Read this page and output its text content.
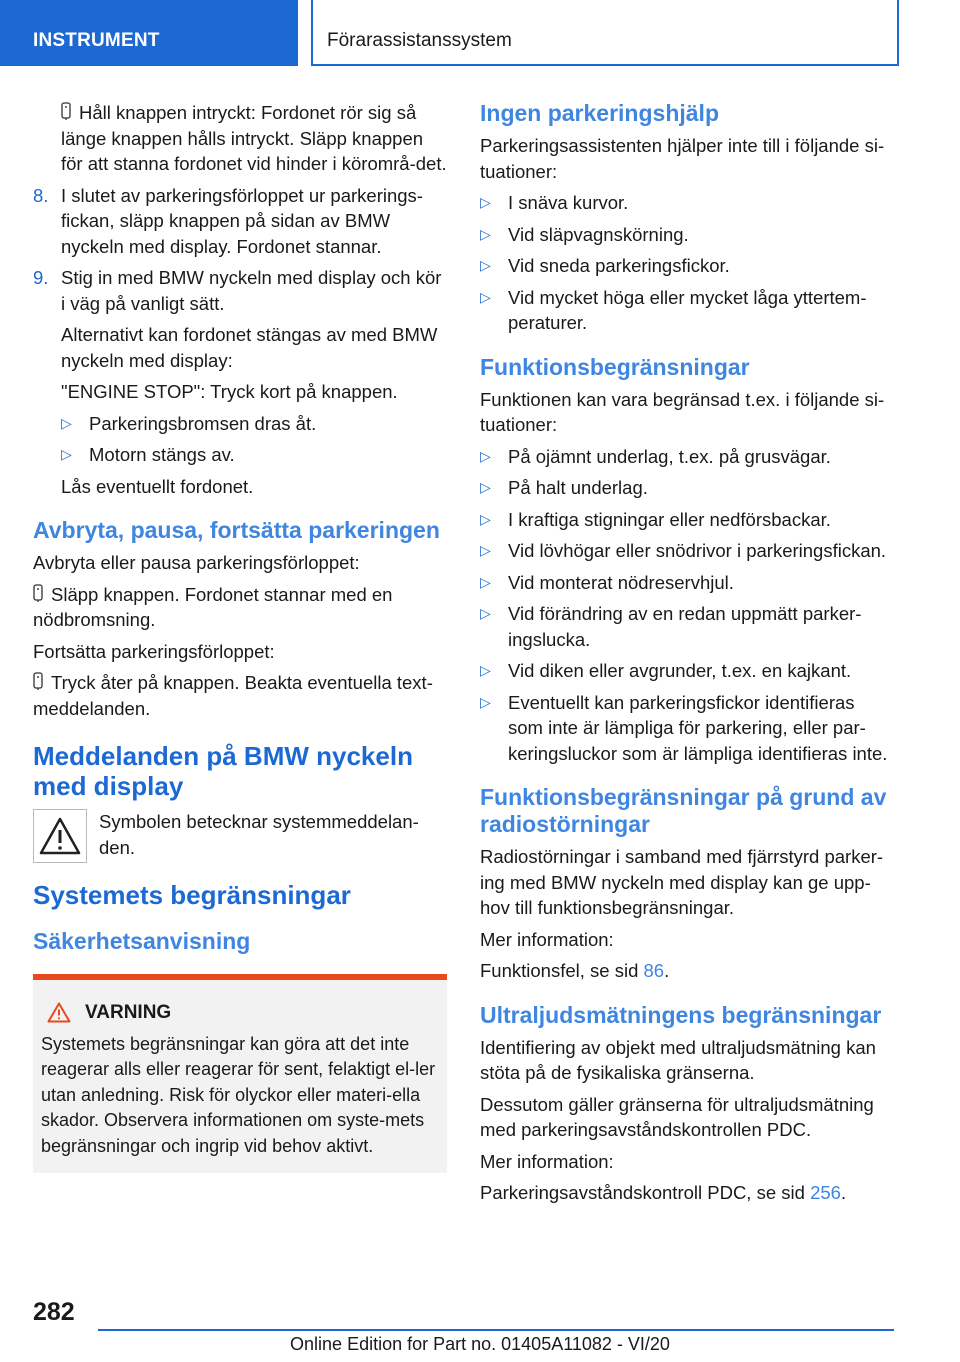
INSTRUMENT	Förarassistanssystem

Håll knappen intryckt: Fordonet rör sig så länge knappen hålls intryckt. Släpp knappen för att stanna fordonet vid hinder i körområ-det.

8. I slutet av parkeringsförloppet ur parkerings-fickan, släpp knappen på sidan av BMW nyckeln med display. Fordonet stannar.
9. Stig in med BMW nyckeln med display och kör i väg på vanligt sätt.

Alternativt kan fordonet stängas av med BMW nyckeln med display:

"ENGINE STOP": Tryck kort på knappen.

▷ Parkeringsbromsen dras åt.
▷ Motorn stängs av.

Lås eventuellt fordonet.

Avbryta, pausa, fortsätta parkeringen

Avbryta eller pausa parkeringsförloppet:

Släpp knappen. Fordonet stannar med en nödbromsning.

Fortsätta parkeringsförloppet:

Tryck åter på knappen. Beakta eventuella text-meddelanden.

Meddelanden på BMW nyckeln med display
Symbolen betecknar systemmeddelan-den.
Systemets begränsningar
Säkerhetsanvisning
VARNING
Systemets begränsningar kan göra att det inte reagerar alls eller reagerar för sent, felaktigt el-ler utan anledning. Risk för olyckor eller materi-ella skador. Observera informationen om syste-mets begränsningar och ingrip vid behov aktivt.
Ingen parkeringshjälp

Parkeringsassistenten hjälper inte till i följande si-tuationer:

▷ I snäva kurvor.
▷ Vid släpvagnskörning.
▷ Vid sneda parkeringsfickor.
▷ Vid mycket höga eller mycket låga yttertem-peraturer.
Funktionsbegränsningar

Funktionen kan vara begränsad t.ex. i följande si-tuationer:

▷ På ojämnt underlag, t.ex. på grusvägar.
▷ På halt underlag.
▷ I kraftiga stigningar eller nedförsbackar.
▷ Vid lövhögar eller snödrivor i parkeringsfickan.
▷ Vid monterat nödreservhjul.
▷ Vid förändring av en redan uppmätt parker-ingslucka.
▷ Vid diken eller avgrunder, t.ex. en kajkant.
▷ Eventuellt kan parkeringsfickor identifieras som inte är lämpliga för parkering, eller par-keringsluckor som är lämpliga identifieras inte.
Funktionsbegränsningar på grund av radiostörningar

Radiostörningar i samband med fjärrstyrd parker-ing med BMW nyckeln med display kan ge upp-hov till funktionsbegränsningar.

Mer information:

Funktionsfel, se sid 86.

Ultraljudsmätningens begränsningar

Identifiering av objekt med ultraljudsmätning kan stöta på de fysikaliska gränserna.

Dessutom gäller gränserna för ultraljudsmätning med parkeringsavståndskontrollen PDC.

Mer information:

Parkeringsavståndskontroll PDC, se sid 256.

282
Online Edition for Part no. 01405A11082 - VI/20
